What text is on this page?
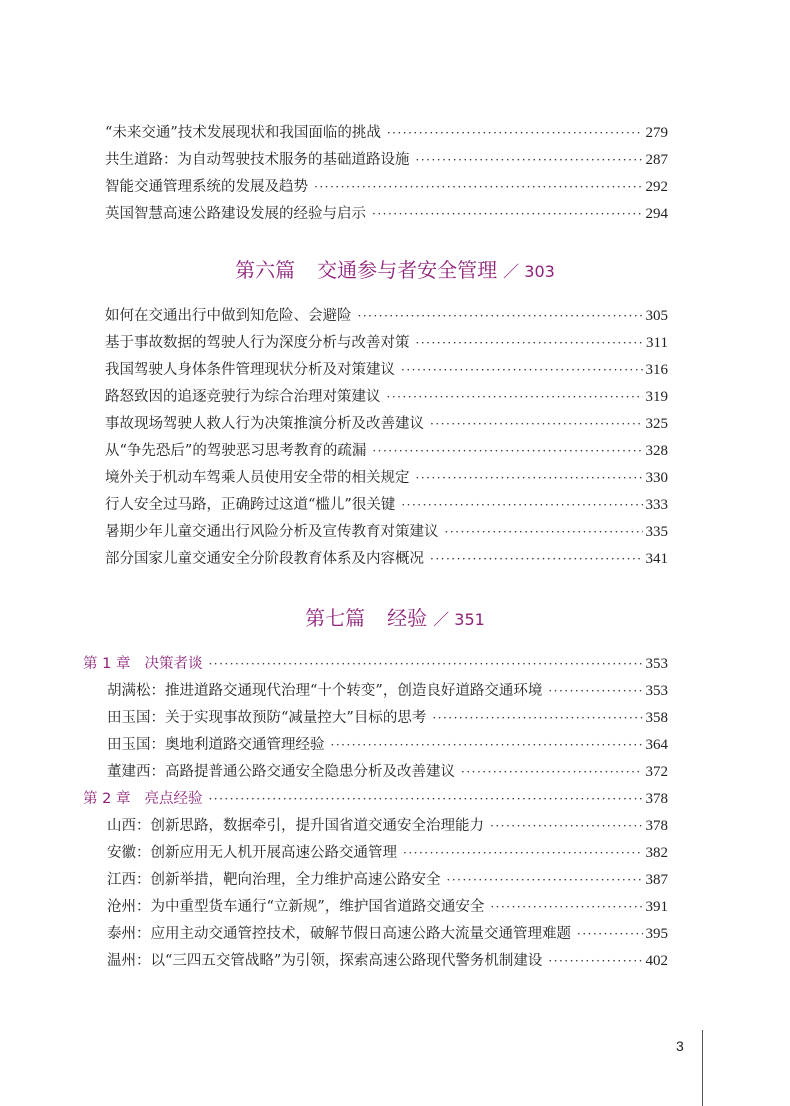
“未来交通”技术发展现状和我国面临的挑战 ·····	279
共生道路：为自动驾驶技术服务的基础道路设施 ·····	287
智能交通管理系统的发展及趋势 ·····	292
英国智慧高速公路建设发展的经验与启示 ·····	294
第六篇 交通参与者安全管理 ／ 303
如何在交通出行中做到知危险、会避险 ·····	305
基于事故数据的驾驶人行为深度分析与改善对策 ·····	311
我国驾驶人身体条件管理现状分析及对策建议 ·····	316
路怒致因的追逐竞驶行为综合治理对策建议 ·····	319
事故现场驾驶人救人行为决策推演分析及改善建议 ·····	325
从“争先恐后”的驾驶恶习思考教育的疏漏 ·····	328
境外关于机动车驾乘人员使用安全带的相关规定 ·····	330
行人安全过马路，正确跨过这道“槛儿”很关键 ·····	333
暑期少年儿童交通出行风险分析及宣传教育对策建议 ·····	335
部分国家儿童交通安全分阶段教育体系及内容概况 ·····	341
第七篇 经验 ／ 351
第 1 章 决策者谈 ·····	353
胡满松：推进道路交通现代治理“十个转变”，创造良好道路交通环境 ·····	353
田玉国：关于实现事故预防“减量控大”目标的思考 ·····	358
田玉国：奥地利道路交通管理经验 ·····	364
董建西：高路提普通公路交通安全隐患分析及改善建议 ·····	372
第 2 章 亮点经验 ·····	378
山西：创新思路，数据牵引，提升国省道交通安全治理能力 ·····	378
安徽：创新应用无人机开展高速公路交通管理 ·····	382
江西：创新举措，靶向治理，全力维护高速公路安全 ·····	387
沧州：为中重型货车通行“立新规”，维护国省道路交通安全 ·····	391
泰州：应用主动交通管控技术，破解节假日高速公路大流量交通管理难题 ·····	395
温州：以“三四五交管战略”为引领，探索高速公路现代警务机制建设 ·····	402
3
